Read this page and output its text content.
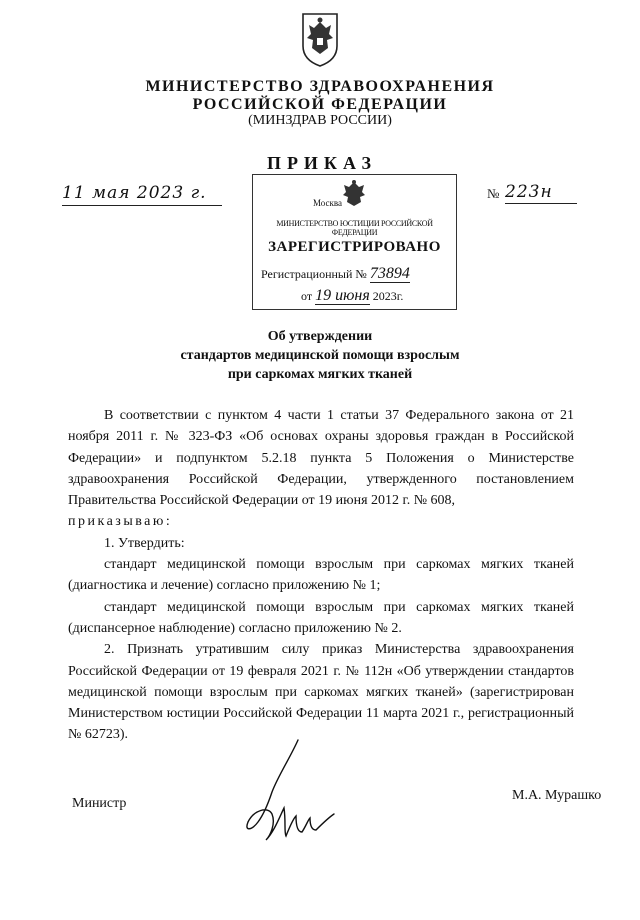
МИНИСТЕРСТВО ЗДРАВООХРАНЕНИЯ
РОССИЙСКОЙ ФЕДЕРАЦИИ
(МИНЗДРАВ РОССИИ)
ПРИКАЗ
11 мая 2023 г.	№ 223н
Москва
МИНИСТЕРСТВО ЮСТИЦИИ РОССИЙСКОЙ ФЕДЕРАЦИИ
ЗАРЕГИСТРИРОВАНО
Регистрационный № 73894
от 19 июня 2023г.
Об утверждении
стандартов медицинской помощи взрослым
при саркомах мягких тканей

В соответствии с пунктом 4 части 1 статьи 37 Федерального закона от 21 ноября 2011 г. № 323-ФЗ «Об основах охраны здоровья граждан в Российской Федерации» и подпунктом 5.2.18 пункта 5 Положения о Министерстве здравоохранения Российской Федерации, утвержденного постановлением Правительства Российской Федерации от 19 июня 2012 г. № 608,

приказываю:

1. Утвердить:

стандарт медицинской помощи взрослым при саркомах мягких тканей (диагностика и лечение) согласно приложению № 1;

стандарт медицинской помощи взрослым при саркомах мягких тканей (диспансерное наблюдение) согласно приложению № 2.

2. Признать утратившим силу приказ Министерства здравоохранения Российской Федерации от 19 февраля 2021 г. № 112н «Об утверждении стандартов медицинской помощи взрослым при саркомах мягких тканей» (зарегистрирован Министерством юстиции Российской Федерации 11 марта 2021 г., регистрационный № 62723).

Министр
М.А. Мурашко
